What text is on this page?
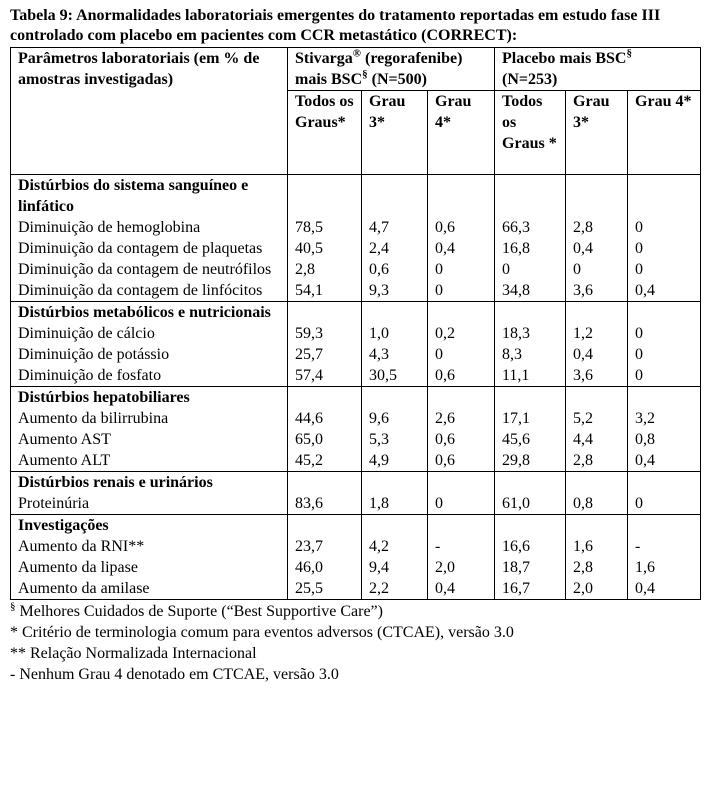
Tabela 9: Anormalidades laboratoriais emergentes do tratamento reportadas em estudo fase III controlado com placebo em pacientes com CCR metastático (CORRECT):
Parâmetros laboratoriais (em % de amostras investigadas)	Stivarga® (regorafenibe)
mais BSC§ (N=500)			Placebo mais BSC§
(N=253)		
	Todos os Graus*	Grau 3*	Grau 4*	Todos os Graus *	Grau 3*	Grau 4*
Distúrbios do sistema sanguíneo e linfático						
Diminuição de hemoglobina	78,5	4,7	0,6	66,3	2,8	0
Diminuição da contagem de plaquetas	40,5	2,4	0,4	16,8	0,4	0
Diminuição da contagem de neutrófilos	2,8	0,6	0	0	0	0
Diminuição da contagem de linfócitos	54,1	9,3	0	34,8	3,6	0,4
Distúrbios metabólicos e nutricionais						
Diminuição de cálcio	59,3	1,0	0,2	18,3	1,2	0
Diminuição de potássio	25,7	4,3	0	8,3	0,4	0
Diminuição de fosfato	57,4	30,5	0,6	11,1	3,6	0
Distúrbios hepatobiliares						
Aumento da bilirrubina	44,6	9,6	2,6	17,1	5,2	3,2
Aumento AST	65,0	5,3	0,6	45,6	4,4	0,8
Aumento ALT	45,2	4,9	0,6	29,8	2,8	0,4
Distúrbios renais e urinários						
Proteinúria	83,6	1,8	0	61,0	0,8	0
Investigações						
Aumento da RNI**	23,7	4,2	-	16,6	1,6	-
Aumento da lipase	46,0	9,4	2,0	18,7	2,8	1,6
Aumento da amilase	25,5	2,2	0,4	16,7	2,0	0,4
§ Melhores Cuidados de Suporte (“Best Supportive Care”)
* Critério de terminologia comum para eventos adversos (CTCAE), versão 3.0
** Relação Normalizada Internacional
- Nenhum Grau 4 denotado em CTCAE, versão 3.0
